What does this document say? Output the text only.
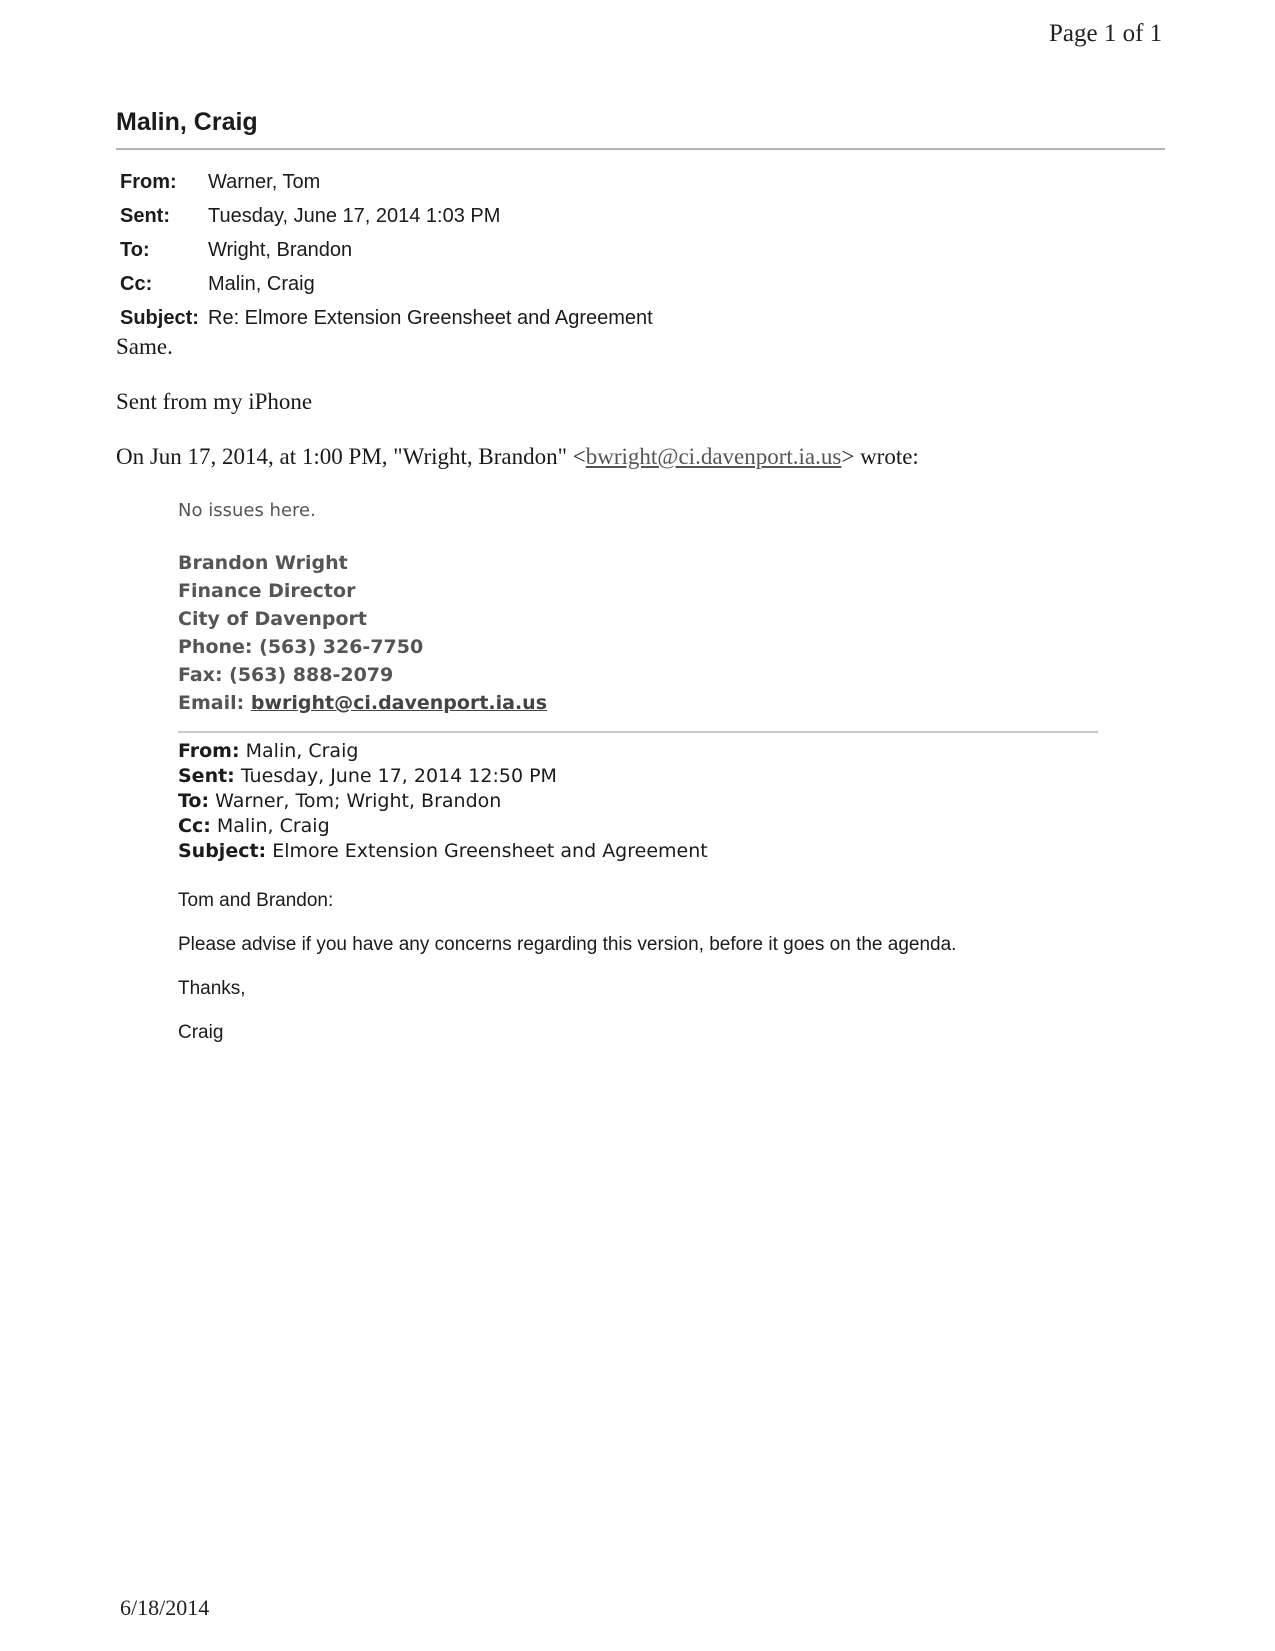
Page 1 of 1
Malin, Craig
From:	Warner, Tom
Sent:	Tuesday, June 17, 2014 1:03 PM
To:	Wright, Brandon
Cc:	Malin, Craig
Subject:	Re: Elmore Extension Greensheet and Agreement
Same.
Sent from my iPhone
On Jun 17, 2014, at 1:00 PM, "Wright, Brandon" <bwright@ci.davenport.ia.us> wrote:
No issues here.
Brandon Wright
Finance Director
City of Davenport
Phone: (563) 326-7750
Fax: (563) 888-2079
Email: bwright@ci.davenport.ia.us
From: Malin, Craig
Sent: Tuesday, June 17, 2014 12:50 PM
To: Warner, Tom; Wright, Brandon
Cc: Malin, Craig
Subject: Elmore Extension Greensheet and Agreement

Tom and Brandon:

Please advise if you have any concerns regarding this version, before it goes on the agenda.

Thanks,

Craig

6/18/2014
